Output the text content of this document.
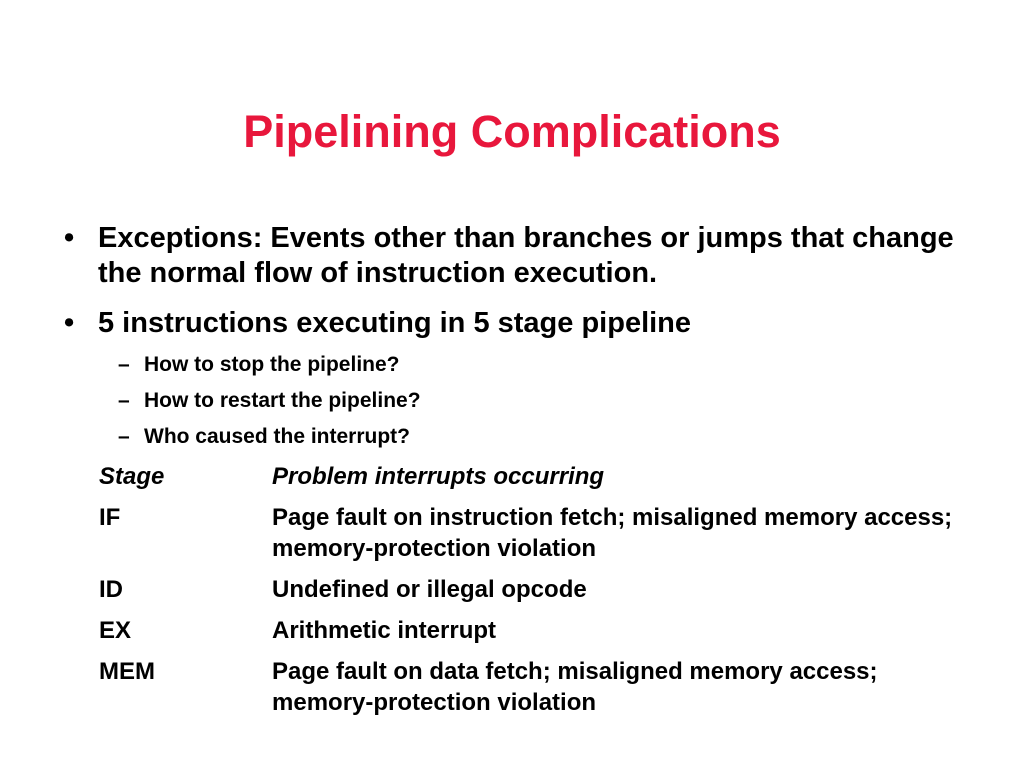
Pipelining Complications
• Exceptions: Events other than branches or jumps that change the normal flow of instruction execution.
• 5 instructions executing in 5 stage pipeline
– How to stop the pipeline?
– How to restart the pipeline?
– Who caused the interrupt?
Stage	Problem interrupts occurring
IF	Page fault on instruction fetch; misaligned memory access; memory-protection violation
ID	Undefined or illegal opcode
EX	Arithmetic interrupt
MEM	Page fault on data fetch; misaligned memory access; memory-protection violation
